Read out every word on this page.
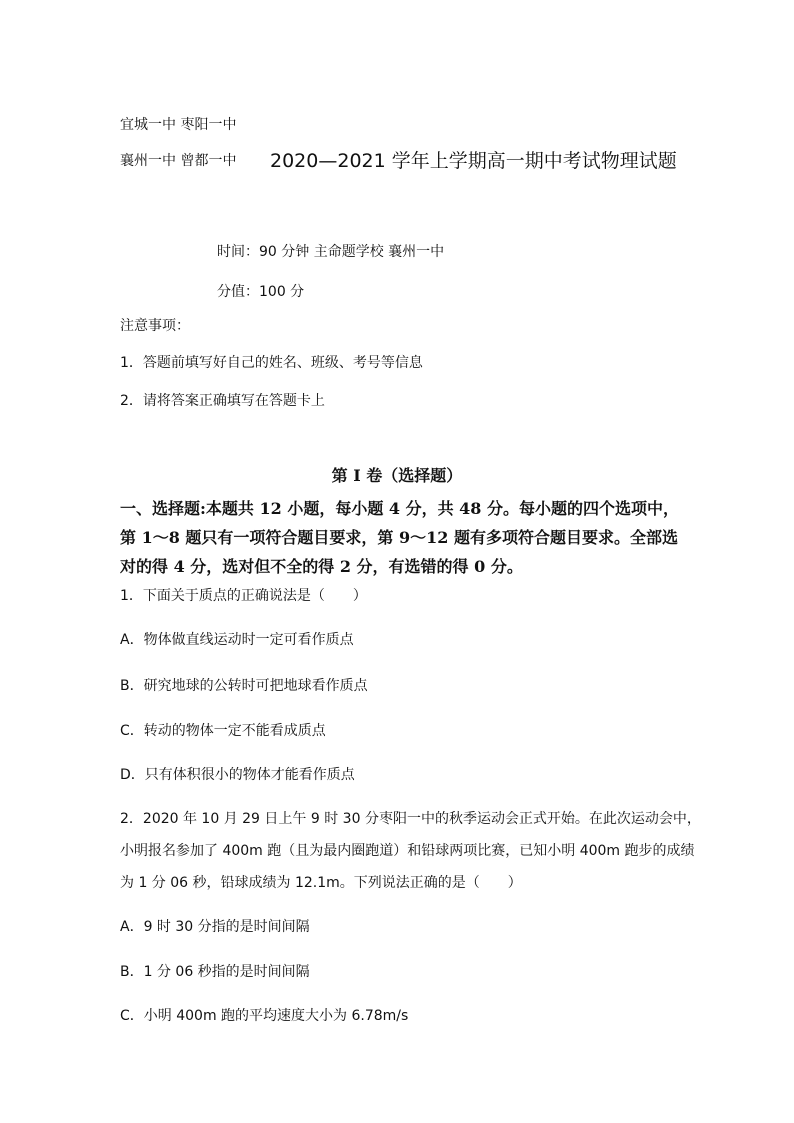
宜城一中 枣阳一中
襄州一中 曾都一中 2020—2021 学年上学期高一期中考试物理试题
时间：90 分钟 主命题学校 襄州一中
分值：100 分
注意事项：
1．答题前填写好自己的姓名、班级、考号等信息
2．请将答案正确填写在答题卡上
第 I 卷（选择题）
一、选择题:本题共 12 小题，每小题 4 分，共 48 分。每小题的四个选项中，第 1～8 题只有一项符合题目要求，第 9～12 题有多项符合题目要求。全部选对的得 4 分，选对但不全的得 2 分，有选错的得 0 分。
1．下面关于质点的正确说法是（　　）
A．物体做直线运动时一定可看作质点
B．研究地球的公转时可把地球看作质点
C．转动的物体一定不能看成质点
D．只有体积很小的物体才能看作质点
2．2020 年 10 月 29 日上午 9 时 30 分枣阳一中的秋季运动会正式开始。在此次运动会中，
小明报名参加了 400m 跑（且为最内圈跑道）和铅球两项比赛，已知小明 400m 跑步的成绩
为 1 分 06 秒，铅球成绩为 12.1m。下列说法正确的是（　　）
A．9 时 30 分指的是时间间隔
B．1 分 06 秒指的是时间间隔
C．小明 400m 跑的平均速度大小为 6.78m/s
